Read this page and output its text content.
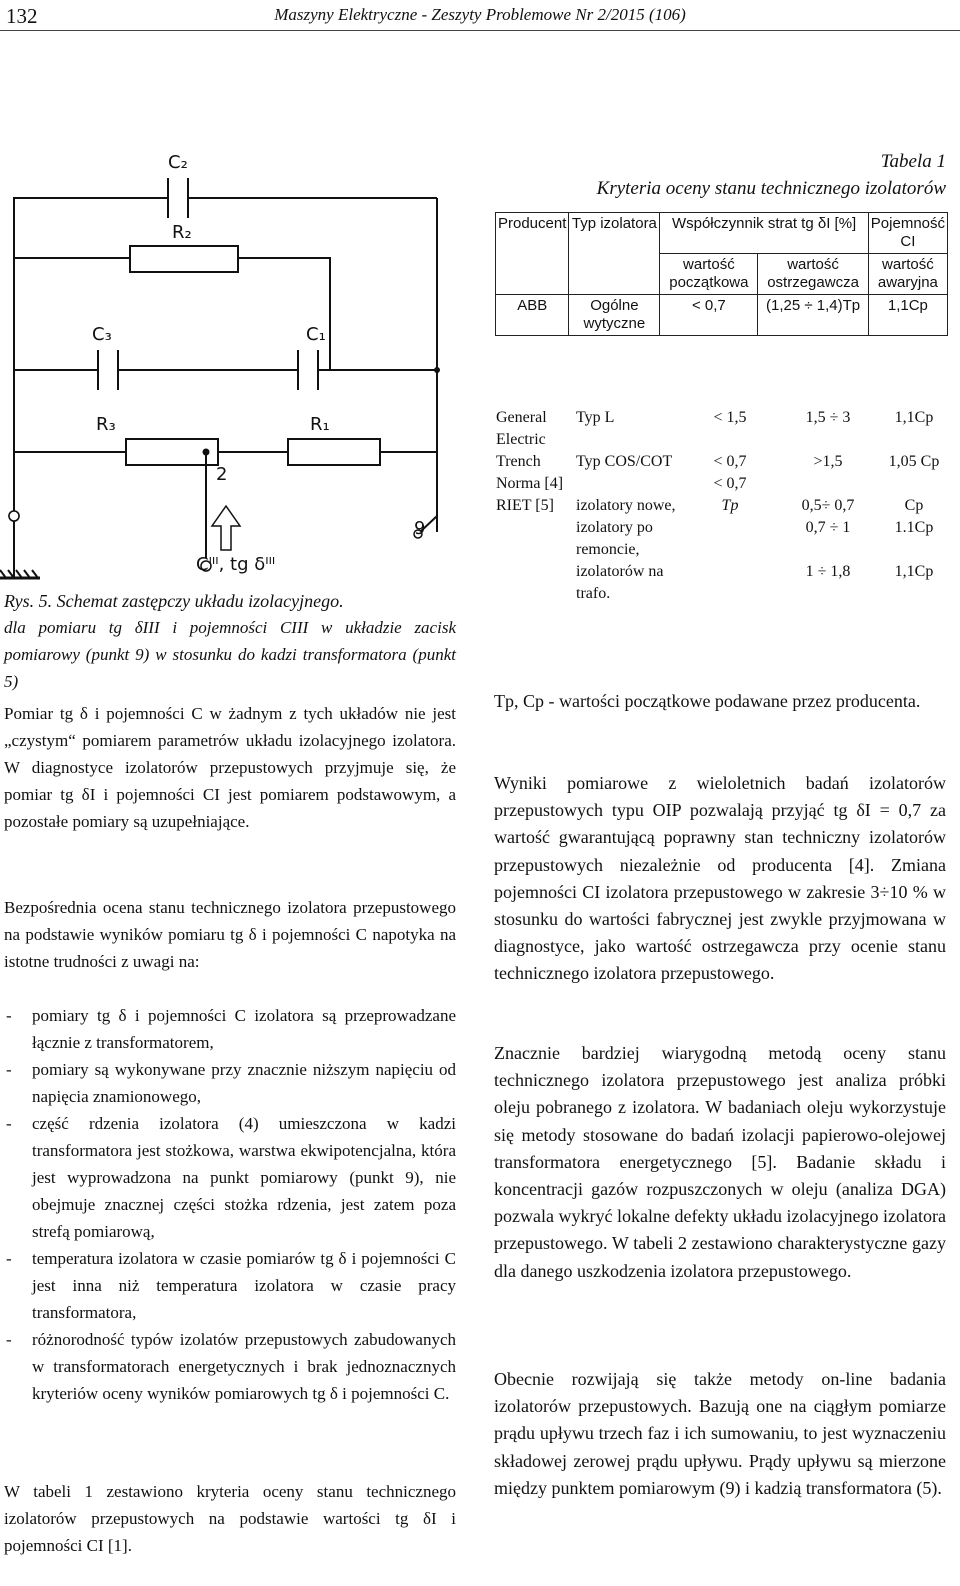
132	Maszyny Elektryczne - Zeszyty Problemowe Nr 2/2015 (106)
C₂
R₂
C₃	C₁
R₃	R₁
2
9
Cᴵᴵᴵ, tg δᴵᴵᴵ
Rys. 5. Schemat zastępczy układu izolacyjnego.
dla pomiaru tg δIII i pojemności CIII w układzie zacisk pomiarowy (punkt 9) w stosunku do kadzi transformatora (punkt 5)
Pomiar tg δ i pojemności C w żadnym z tych układów nie jest „czystym“ pomiarem parametrów układu izolacyjnego izolatora. W diagnostyce izolatorów przepustowych przyjmuje się, że pomiar tg δI i pojemności CI jest pomiarem podstawowym, a pozostałe pomiary są uzupełniające.
Bezpośrednia ocena stanu technicznego izolatora przepustowego na podstawie wyników pomiaru tg δ i pojemności C napotyka na istotne trudności z uwagi na:
- pomiary tg δ i pojemności C izolatora są przeprowadzane łącznie z transformatorem,
- pomiary są wykonywane przy znacznie niższym napięciu od napięcia znamionowego,
- część rdzenia izolatora (4) umieszczona w kadzi transformatora jest stożkowa, warstwa ekwipotencjalna, która jest wyprowadzona na punkt pomiarowy (punkt 9), nie obejmuje znacznej części stożka rdzenia, jest zatem poza strefą pomiarową,
- temperatura izolatora w czasie pomiarów tg δ i pojemności C jest inna niż temperatura izolatora w czasie pracy transformatora,
- różnorodność typów izolatów przepustowych zabudowanych w transformatorach energetycznych i brak jednoznacznych kryteriów oceny wyników pomiarowych tg δ i pojemności C.
W tabeli 1 zestawiono kryteria oceny stanu technicznego izolatorów przepustowych na podstawie wartości tg δI i pojemności CI [1].
Tabela 1
Kryteria oceny stanu technicznego izolatorów
Producent	Typ izolatora	Współczynnik strat tg δI [%]		Pojemność CI
		wartość początkowa	wartość ostrzegawcza	wartość awaryjna
ABB	Ogólne wytyczne	< 0,7	(1,25 ÷ 1,4)Tp	1,1Cp
General Electric	Typ L	< 1,5	1,5 ÷ 3	1,1Cp
Trench	Typ COS/COT	< 0,7	>1,5	1,05 Cp
Norma [4]		< 0,7		
RIET [5]	izolatory nowe,	Tp	0,5÷ 0,7	Cp
	izolatory po remoncie,		0,7 ÷ 1	1.1Cp
	izolatorów na trafo.		1 ÷ 1,8	1,1Cp
Tp, Cp - wartości początkowe podawane przez producenta.
Wyniki pomiarowe z wieloletnich badań izolatorów przepustowych typu OIP pozwalają przyjąć tg δI = 0,7 za wartość gwarantującą poprawny stan techniczny izolatorów przepustowych niezależnie od producenta [4]. Zmiana pojemności CI izolatora przepustowego w zakresie 3÷10 % w stosunku do wartości fabrycznej jest zwykle przyjmowana w diagnostyce, jako wartość ostrzegawcza przy ocenie stanu technicznego izolatora przepustowego.
Znacznie bardziej wiarygodną metodą oceny stanu technicznego izolatora przepustowego jest analiza próbki oleju pobranego z izolatora. W badaniach oleju wykorzystuje się metody stosowane do badań izolacji papierowo-olejowej transformatora energetycznego [5]. Badanie składu i koncentracji gazów rozpuszczonych w oleju (analiza DGA) pozwala wykryć lokalne defekty układu izolacyjnego izolatora przepustowego. W tabeli 2 zestawiono charakterystyczne gazy dla danego uszkodzenia izolatora przepustowego.
Obecnie rozwijają się także metody on-line badania izolatorów przepustowych. Bazują one na ciągłym pomiarze prądu upływu trzech faz i ich sumowaniu, to jest wyznaczeniu składowej zerowej prądu upływu. Prądy upływu są mierzone między punktem pomiarowym (9) i kadzią transformatora (5).
